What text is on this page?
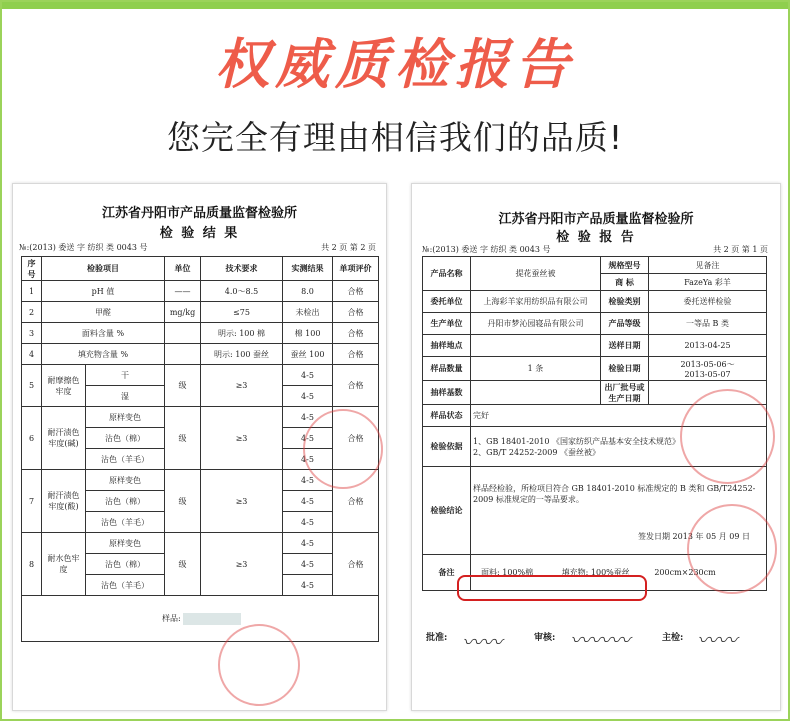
权威质检报告
您完全有理由相信我们的品质!
江苏省丹阳市产品质量监督检验所
检 验 结 果
№:(2013) 委送 字 纺织 类 0043 号	共 2 页 第 2 页
序号	检验项目		单位	技术要求	实测结果	单项评价
1	pH 值		——	4.0～8.5	8.0	合格
2	甲醛		mg/kg	≤75	未检出	合格
3	面料含量 %			明示: 100 棉	棉 100	合格
4	填充物含量 %			明示: 100 蚕丝	蚕丝 100	合格
5	耐摩擦色牢度	干	级	≥3	4-5	合格
		湿			4-5	
6	耐汗渍色牢度(碱)	原样变色	级	≥3	4-5	合格
		沾色（棉）			4-5	
		沾色（羊毛）			4-5	
7	耐汗渍色牢度(酸)	原样变色	级	≥3	4-5	合格
		沾色（棉）			4-5	
		沾色（羊毛）			4-5	
8	耐水色牢度	原样变色	级	≥3	4-5	合格
		沾色（棉）			4-5	
		沾色（羊毛）			4-5	
样品:						
江苏省丹阳市产品质量监督检验所
检 验 报 告
№:(2013) 委送 字 纺织 类 0043 号	共 2 页 第 1 页
产品名称	提花蚕丝被	规格型号	见备注
		商 标	FazeYa 彩羊
委托单位	上海彩羊家用纺织品有限公司	检验类别	委托送样检验
生产单位	丹阳市梦沁园寝品有限公司	产品等级	一等品 B 类
抽样地点		送样日期	2013-04-25
样品数量	1 条	检验日期	2013-05-06～
2013-05-07

抽样基数		出厂批号或生产日期	
样品状态	完好		
检验依据	1、GB 18401-2010 《国家纺织产品基本安全技术规范》
2、GB/T 24252-2009 《蚕丝被》		

检验结论	样品经检验，所检项目符合 GB 18401-2010 标准规定的 B 类和 GB/T24252-2009 标准规定的一等品要求。
签发日期 2013 年 05 月 09 日		

备注	面料: 100%棉 填充物: 100%蚕丝 200cm×230cm		
批准: 〰〰	审核: 〰〰〰	主检: 〰〰
